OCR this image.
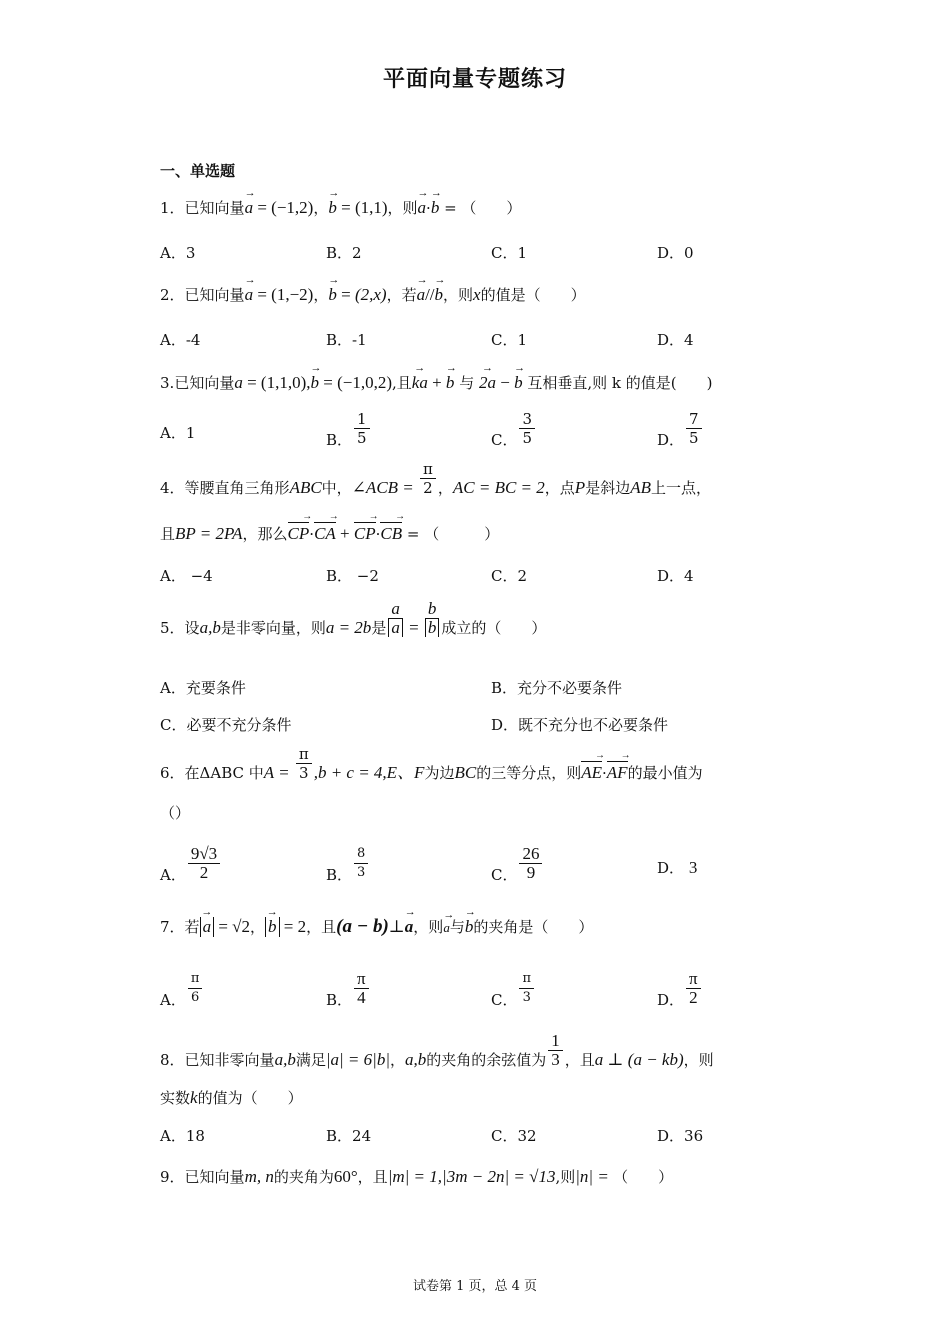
平面向量专题练习
一、单选题
1．已知向量→ a = (−1,2)，→ b = (1,1)，则→ a·→ b = （　　）
A．3	B．2	C．1	D．0
2．已知向量→ a = (1,−2)，→ b = (2,x)，若→ a//→ b，则x的值是（　　）
A．-4	B．-1	C．1	D．4
3.已知向量a = (1,1,0),→ b = (−1,0,2),且→ ka + → b 与 → 2a − → b 互相垂直,则 k 的值是(　　)
A．1	B． $\frac{1}{5}$	C． $\frac{3}{5}$	D． $\frac{7}{5}$
4．等腰直角三角形ABC中，∠ACB = $\frac{\pi}{2}$ ，AC = BC = 2，点P是斜边AB上一点，
且BP = 2PA，那么CP →·CA → + CP →·CB → = （　　　）
A． −4	B． −2	C．2	D．4
5．设a,b是非零向量，则a = 2b是 $\frac{a}{a} = \frac{b}{b}$ 成立的（　　）
A．充要条件	B．充分不必要条件
C．必要不充分条件	D．既不充分也不必要条件
6．在ΔABC 中$A = \frac{\pi}{3} ,b + c = 4,E$、F为边BC的三等分点，则AE →·AF →的最小值为
（）
A． $\frac{9√3}{2}$	B． $\frac{8}{3}$	C． $\frac{26}{9}$	D． 3
7．若 → a = √2， → b = 2，且(a − b)⊥→ a，则→ a与→ b的夹角是（　　）
A． $\frac{\pi}{6}$	B． $\frac{\pi}{4}$	C． $\frac{\pi}{3}$	D． $\frac{\pi}{2}$
8．已知非零向量a,b满足|a| = 6|b|，a,b的夹角的余弦值为 $\frac{1}{3}$ ，且a ⊥ (a − kb)，则
实数k的值为（　　）
A．18	B．24	C．32	D．36
9．已知向量m, n的夹角为60°，且|m| = 1,|3m − 2n| = √13,则|n| = （　　）
试卷第 1 页，总 4 页
